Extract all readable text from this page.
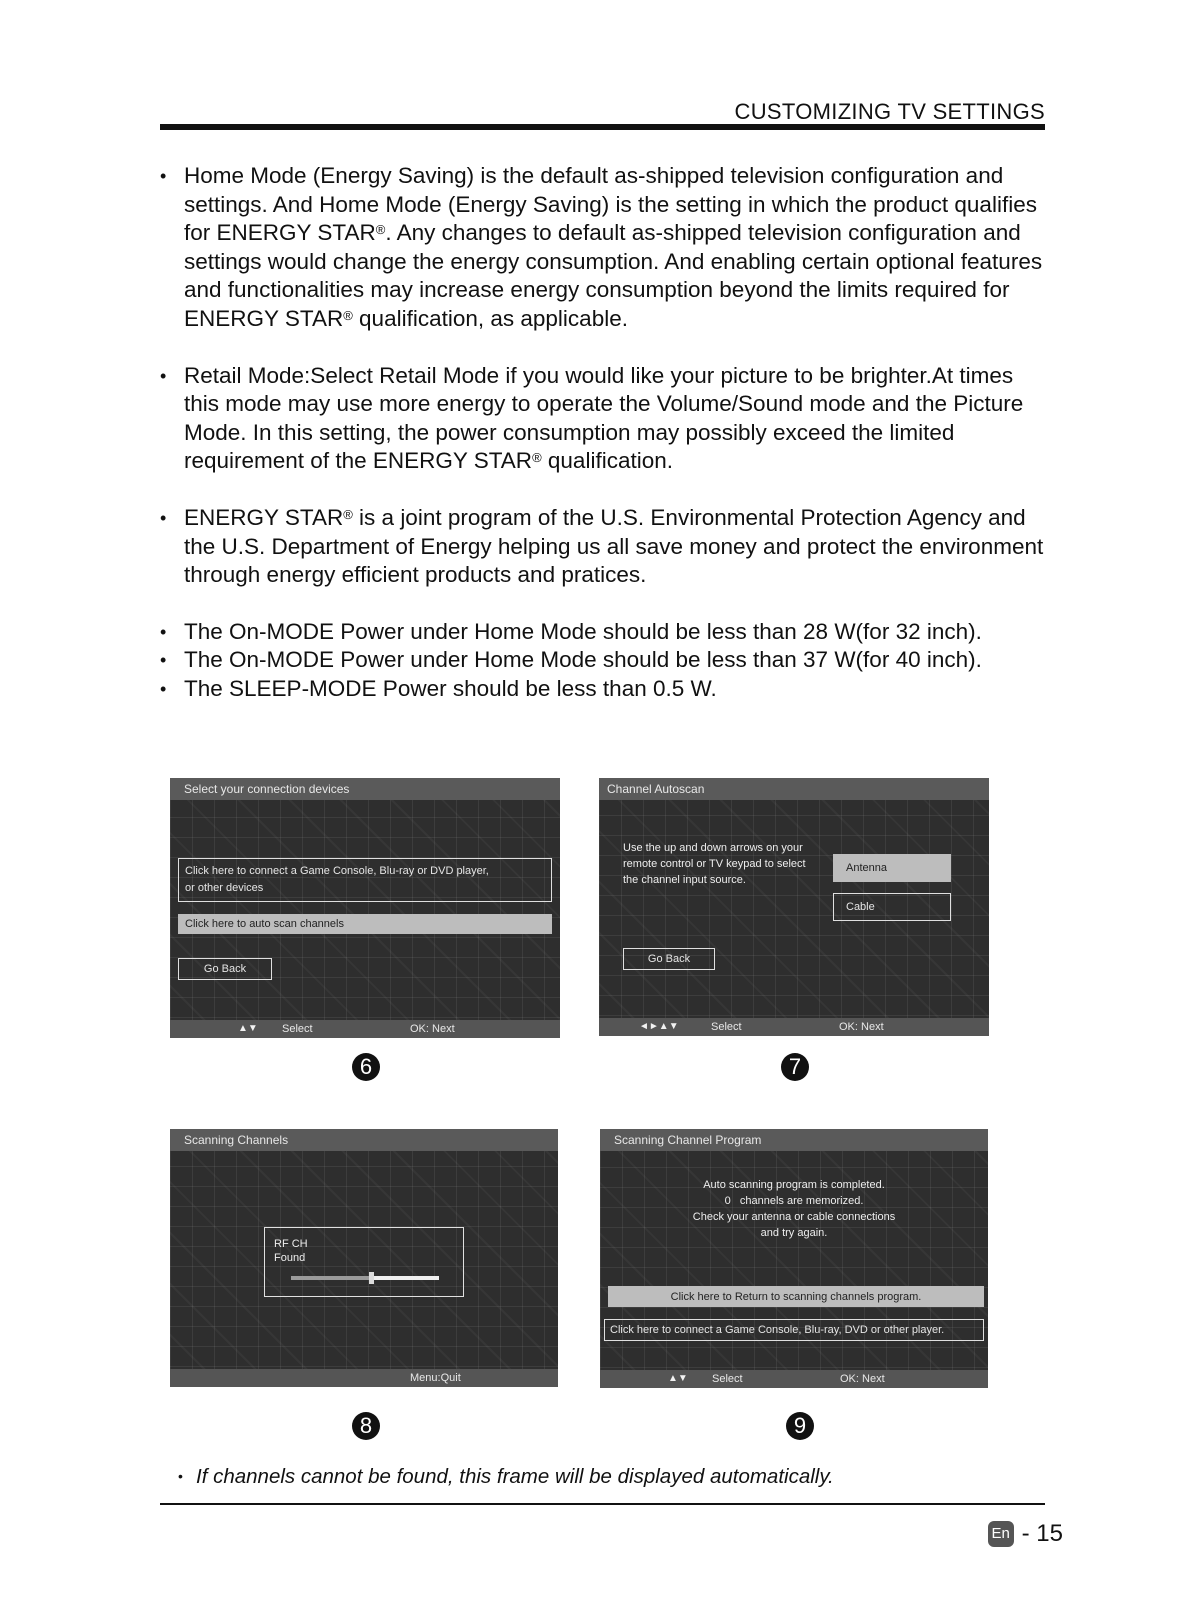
CUSTOMIZING TV SETTINGS
• Home Mode (Energy Saving) is the default as-shipped television configuration and settings. And Home Mode (Energy Saving) is the setting in which the product qualifies for ENERGY STAR®. Any changes to default as-shipped television configuration and settings would change the energy consumption. And enabling certain optional features and functionalities may increase energy consumption beyond the limits required for ENERGY STAR® qualification, as applicable.
• Retail Mode:Select Retail Mode if you would like your picture to be brighter.At times this mode may use more energy to operate the Volume/Sound mode and the Picture Mode. In this setting, the power consumption may possibly exceed the limited requirement of the ENERGY STAR® qualification.
• ENERGY STAR® is a joint program of the U.S. Environmental Protection Agency and the U.S. Department of Energy helping us all save money and protect the environment through energy efficient products and pratices.
• The On-MODE Power under Home Mode should be less than 28 W(for 32 inch).
• The On-MODE Power under Home Mode should be less than 37 W(for 40 inch).
• The SLEEP-MODE Power should be less than 0.5 W.
Select your connection devices
Click here to connect a Game Console, Blu-ray or DVD player,
or other devices
Click here to auto scan channels
Go Back
▲▼ Select	OK: Next
6
Channel Autoscan
Use the up and down arrows on your remote control or TV keypad to select the channel input source.
Antenna
Cable
Go Back
◄►▲▼	Select	OK: Next
7
Scanning Channels
RF CH
Found
Menu:Quit
8
Scanning Channel Program
Auto scanning program is completed.
0   channels are memorized.
Check your antenna or cable connections
and try again.
Click here to Return to scanning channels program.
Click here to connect a Game Console, Blu-ray, DVD or other player.
▲▼ Select	OK: Next
9
• If channels cannot be found, this frame will be displayed automatically.
En - 15
